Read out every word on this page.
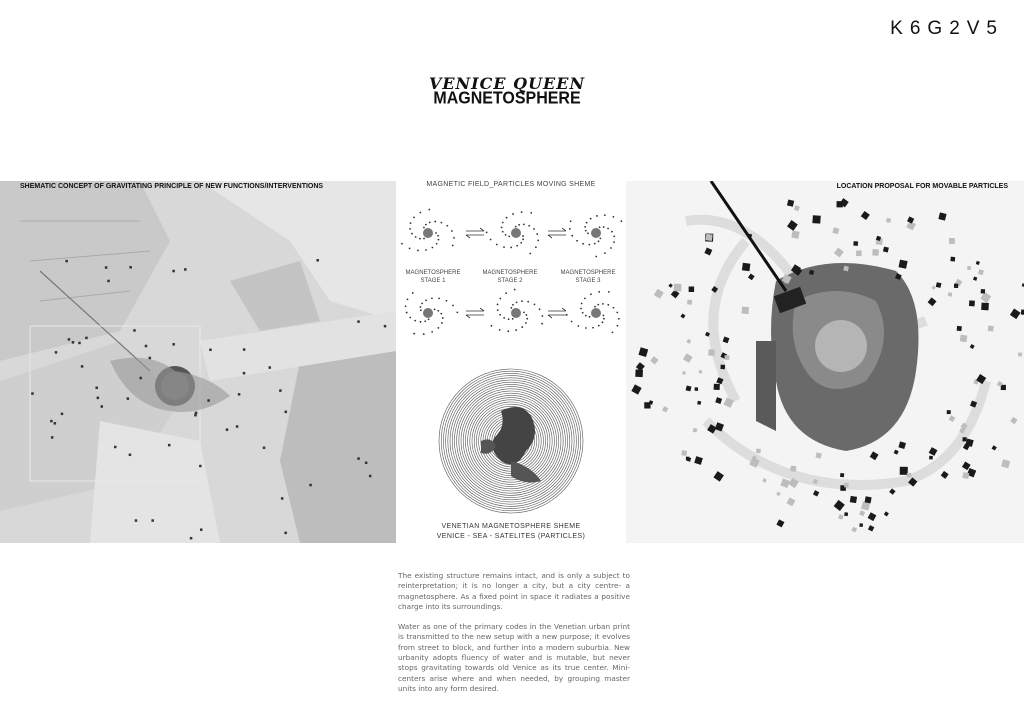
K6G2V5
VENICE QUEEN
MAGNETOSPHERE
SHEMATIC CONCEPT OF GRAVITATING PRINCIPLE OF NEW FUNCTIONS/INTERVENTIONS	MAGNETIC FIELD_PARTICLES MOVING SHEME
MAGNETOSPHERE
STAGE 1
MAGNETOSPHERE
STAGE 2
MAGNETOSPHERE
STAGE 3
VENETIAN MAGNETOSPHERE SHEME
VENICE - SEA - SATELITES (PARTICLES)
LOCATION PROPOSAL FOR MOVABLE PARTICLES

The existing structure remains intact, and is only a subject to reinterpretation; it is no longer a city, but a city centre- a magnetosphere. As a fixed point in space it radiates a positive charge into its surroundings.

Water as one of the primary codes in the Venetian urban print is transmitted to the new setup with a new purpose; it evolves from street to block, and further into a modern suburbia. New urbanity adopts fluency of water and is mutable, but never stops gravitating towards old Venice as its true center. Mini-centers arise where and when needed, by grouping master units into any form desired.
